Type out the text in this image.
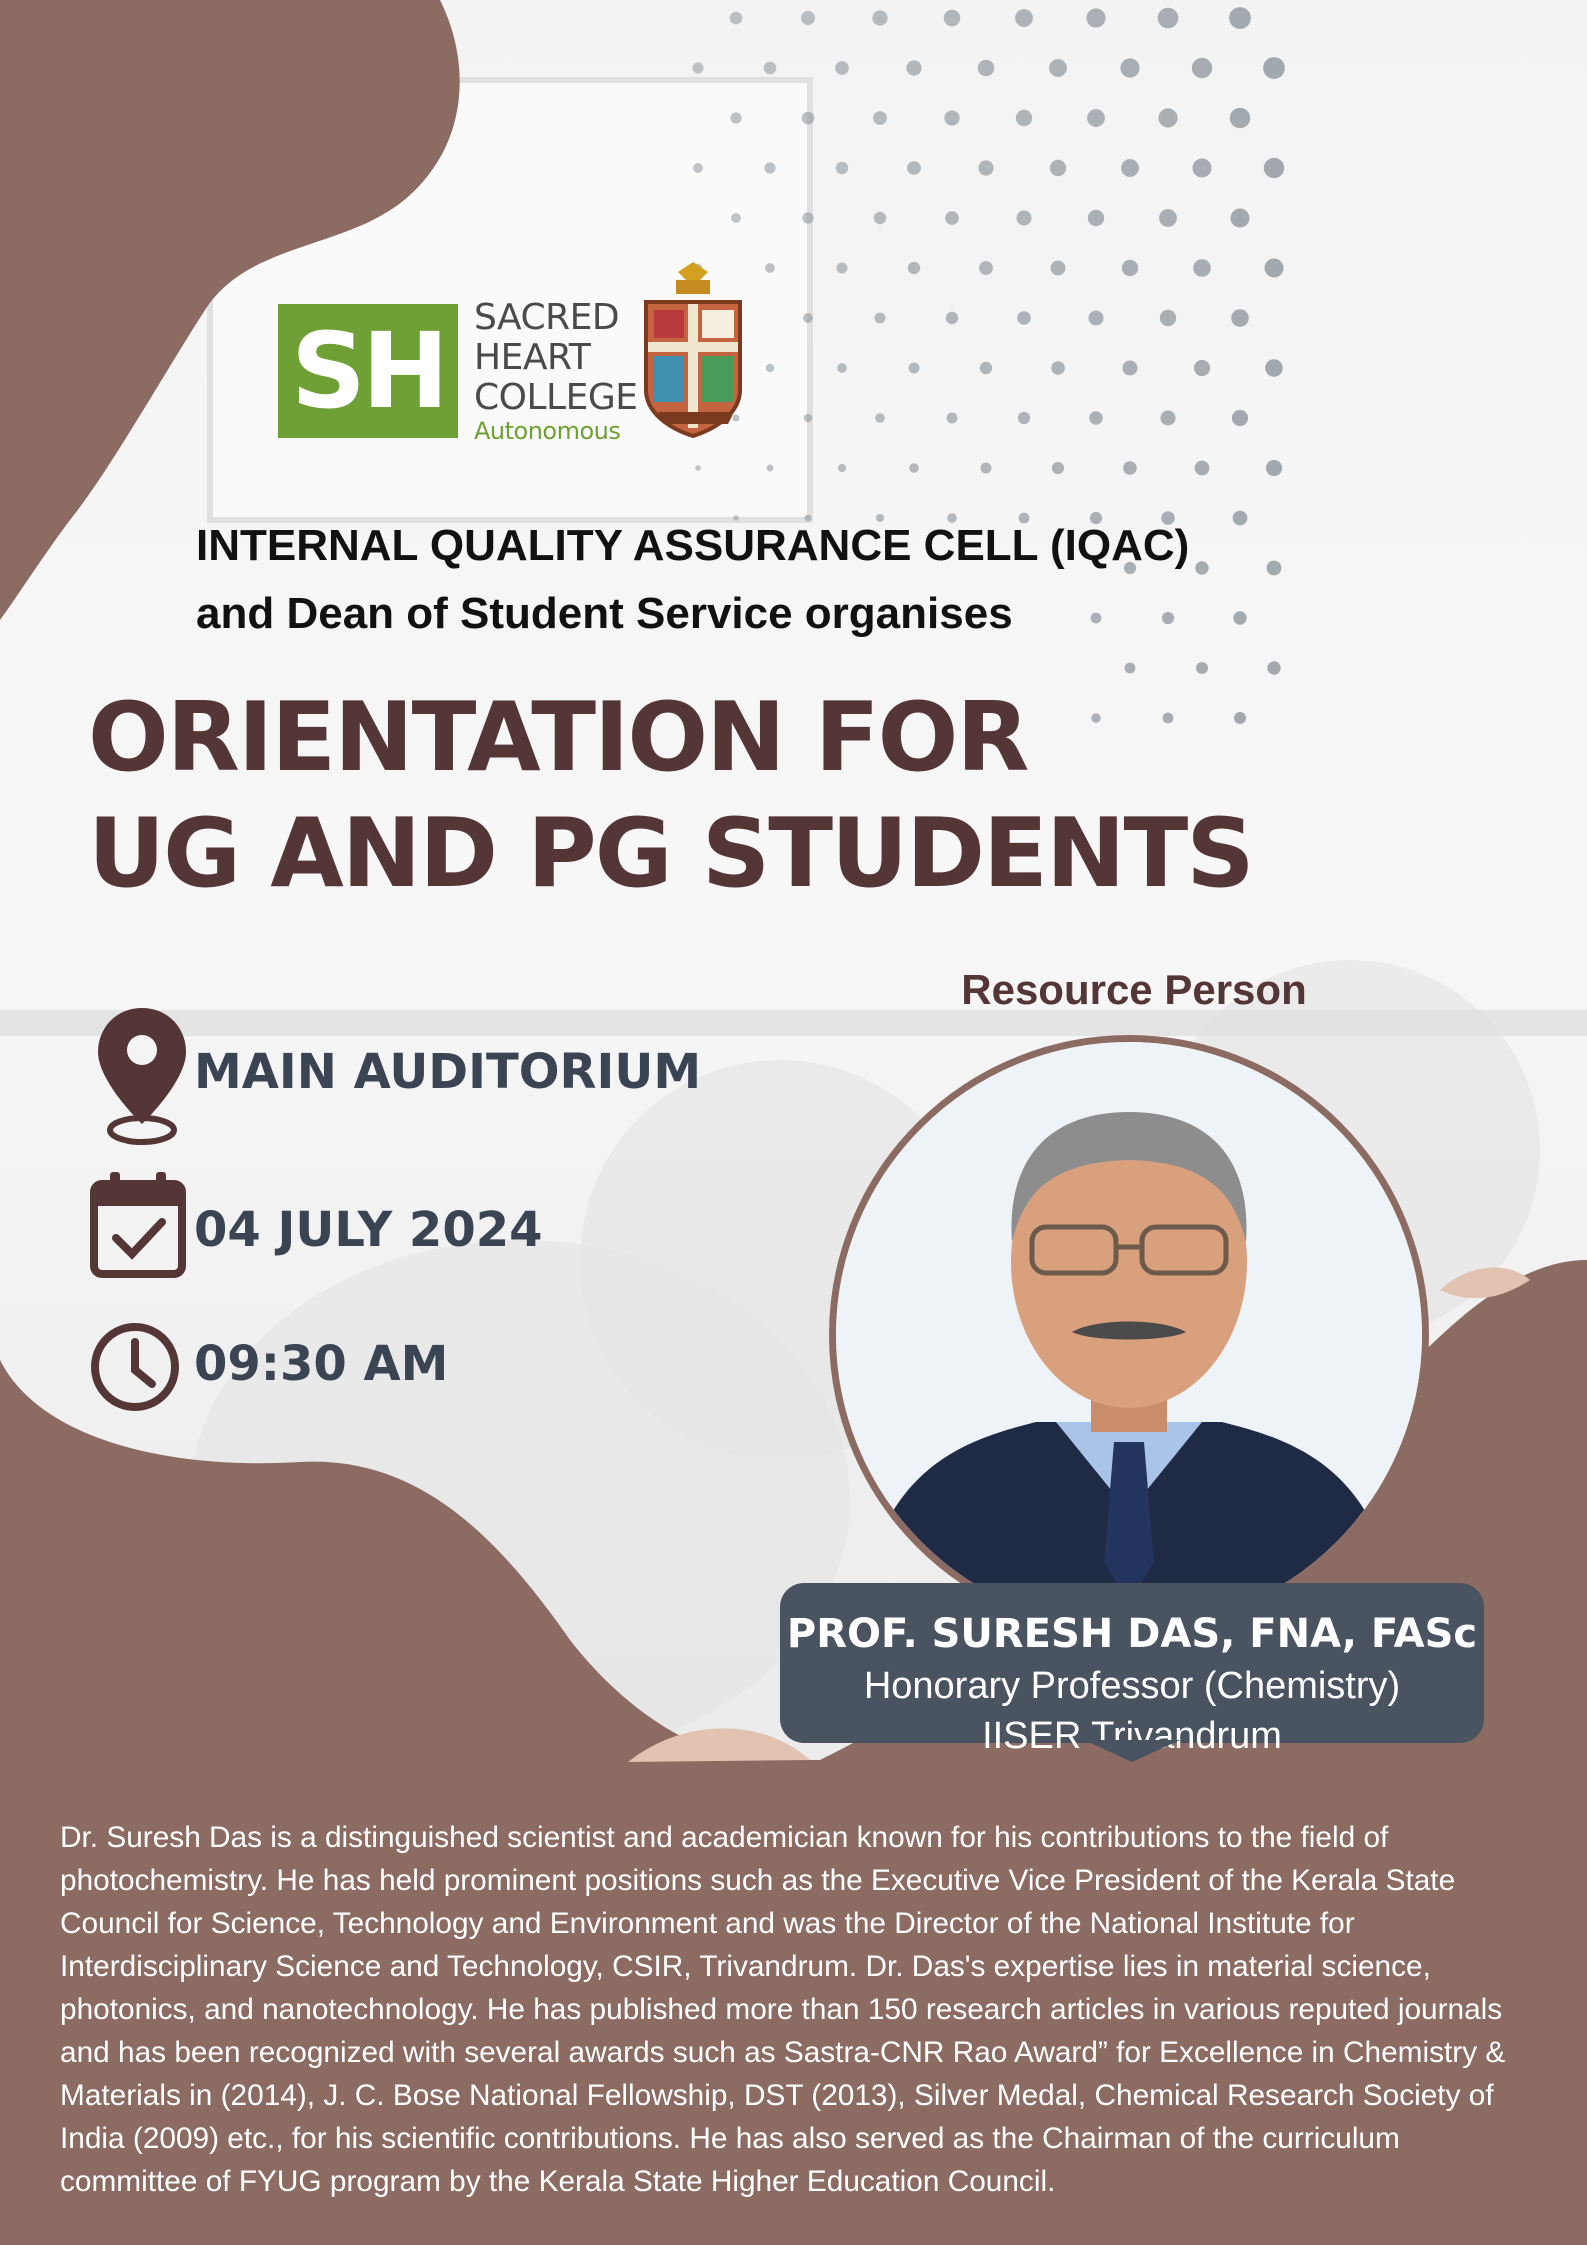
SH SACRED
HEART
COLLEGE
Autonomous
INTERNAL QUALITY ASSURANCE CELL (IQAC)
and Dean of Student Service organises
ORIENTATION FOR
UG AND PG STUDENTS
MAIN AUDITORIUM
04 JULY 2024
09:30 AM
Resource Person
PROF. SURESH DAS, FNA, FASc
Honorary Professor (Chemistry)
IISER Trivandrum
Dr. Suresh Das is a distinguished scientist and academician known for his contributions to the field of photochemistry. He has held prominent positions such as the Executive Vice President of the Kerala State Council for Science, Technology and Environment and was the Director of the National Institute for Interdisciplinary Science and Technology, CSIR, Trivandrum. Dr. Das's expertise lies in material science, photonics, and nanotechnology. He has published more than 150 research articles in various reputed journals and has been recognized with several awards such as Sastra-CNR Rao Award” for Excellence in Chemistry & Materials in (2014), J. C. Bose National Fellowship, DST (2013), Silver Medal, Chemical Research Society of India (2009) etc., for his scientific contributions. He has also served as the Chairman of the curriculum committee of FYUG program by the Kerala State Higher Education Council.
